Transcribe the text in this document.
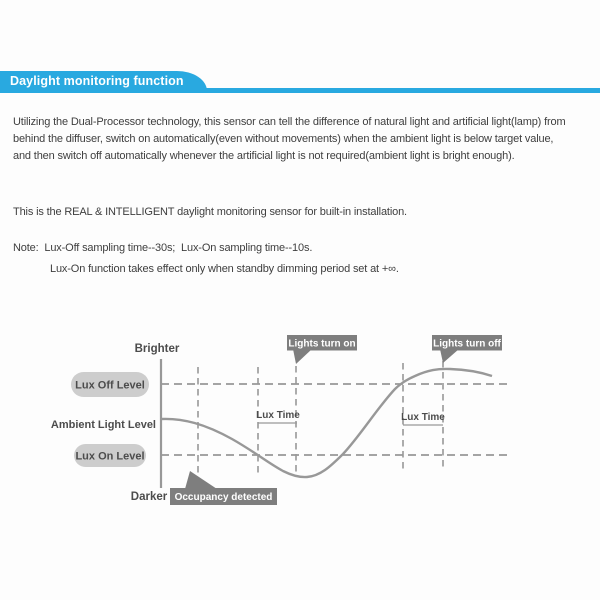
Daylight monitoring function
Utilizing the Dual-Processor technology, this sensor can tell the difference of natural light and artificial light(lamp) from
behind the diffuser, switch on automatically(even without movements) when the ambient light is below target value,
and then switch off automatically whenever the artificial light is not required(ambient light is bright enough).
This is the REAL & INTELLIGENT daylight monitoring sensor for built-in installation.
Note: Lux-Off sampling time--30s;  Lux-On sampling time--10s.
Lux-On function takes effect only when standby dimming period set at +∞.
Brighter
Darker
Lux Off Level
Ambient Light Level
Lux On Level
Lights turn on	Lights turn off
Lux Time	Lux Time
Occupancy detected
